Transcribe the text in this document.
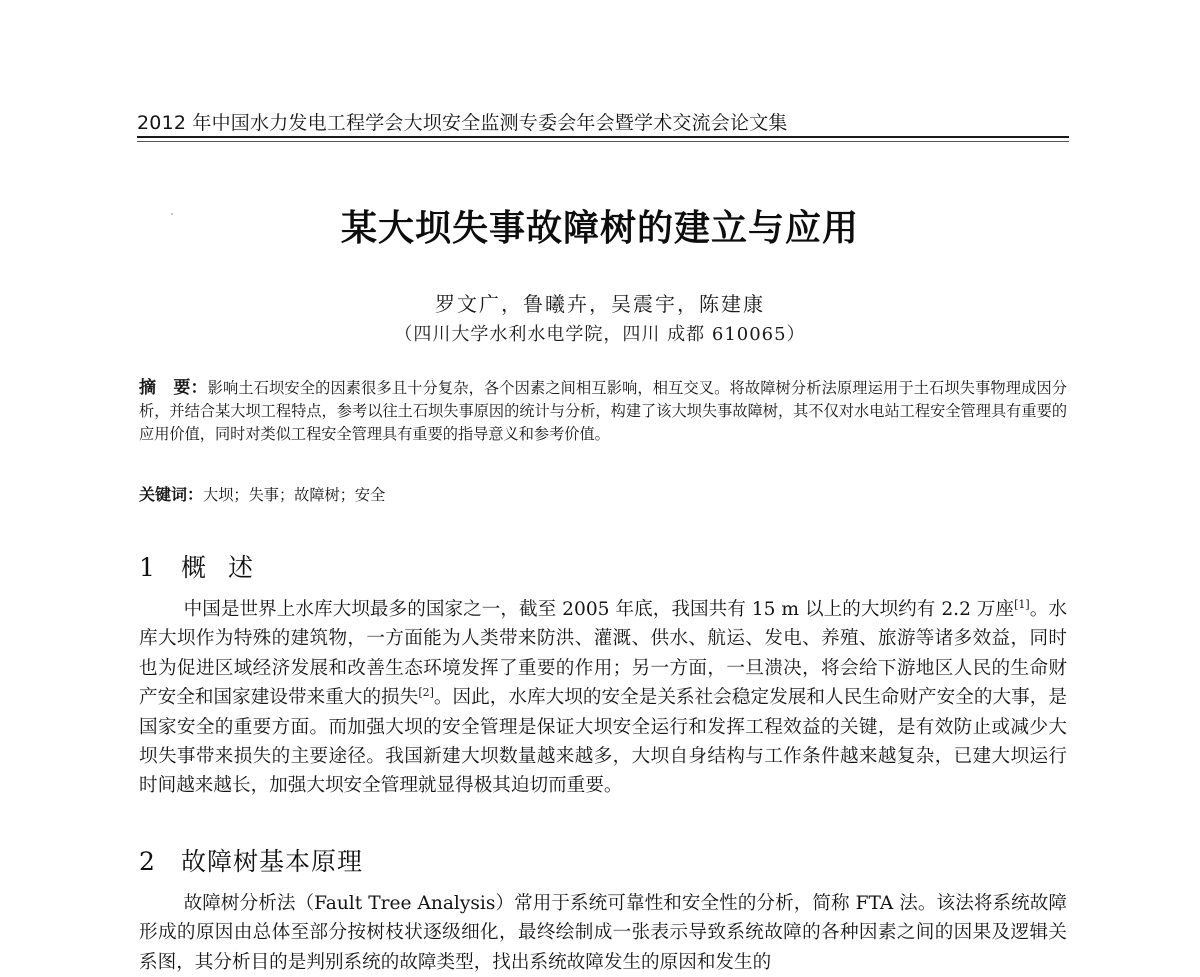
2012 年中国水力发电工程学会大坝安全监测专委会年会暨学术交流会论文集
某大坝失事故障树的建立与应用
罗文广，鲁曦卉，吴震宇，陈建康
（四川大学水利水电学院，四川 成都 610065）
摘　要：影响土石坝安全的因素很多且十分复杂，各个因素之间相互影响，相互交叉。将故障树分析法原理运用于土石坝失事物理成因分析，并结合某大坝工程特点，参考以往土石坝失事原因的统计与分析，构建了该大坝失事故障树，其不仅对水电站工程安全管理具有重要的应用价值，同时对类似工程安全管理具有重要的指导意义和参考价值。
关键词：大坝；失事；故障树；安全
1 概述
中国是世界上水库大坝最多的国家之一，截至 2005 年底，我国共有 15 m 以上的大坝约有 2.2 万座[1]。水库大坝作为特殊的建筑物，一方面能为人类带来防洪、灌溉、供水、航运、发电、养殖、旅游等诸多效益，同时也为促进区域经济发展和改善生态环境发挥了重要的作用；另一方面，一旦溃决，将会给下游地区人民的生命财产安全和国家建设带来重大的损失[2]。因此，水库大坝的安全是关系社会稳定发展和人民生命财产安全的大事，是国家安全的重要方面。而加强大坝的安全管理是保证大坝安全运行和发挥工程效益的关键，是有效防止或减少大坝失事带来损失的主要途径。我国新建大坝数量越来越多，大坝自身结构与工作条件越来越复杂，已建大坝运行时间越来越长，加强大坝安全管理就显得极其迫切而重要。
2 故障树基本原理
故障树分析法（Fault Tree Analysis）常用于系统可靠性和安全性的分析，简称 FTA 法。该法将系统故障形成的原因由总体至部分按树枝状逐级细化，最终绘制成一张表示导致系统故障的各种因素之间的因果及逻辑关系图，其分析目的是判别系统的故障类型，找出系统故障发生的原因和发生的
